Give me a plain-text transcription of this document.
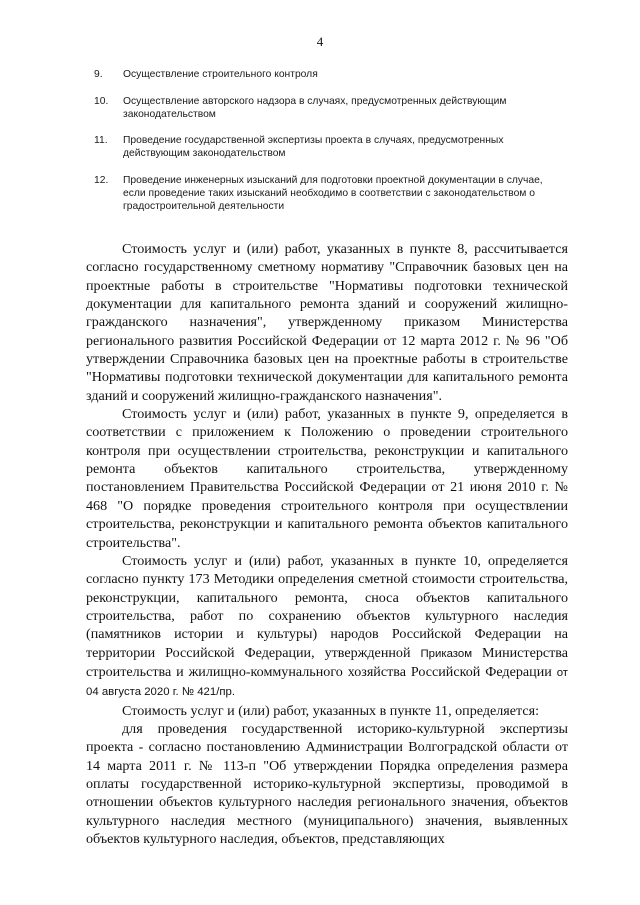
4
9.	Осуществление строительного контроля
10.	Осуществление авторского надзора в случаях, предусмотренных действующим законодательством
11.	Проведение государственной экспертизы проекта в случаях, предусмотренных действующим законодательством
12.	Проведение инженерных изысканий для подготовки проектной документации в случае, если проведение таких изысканий необходимо в соответствии с законодательством о градостроительной деятельности

Стоимость услуг и (или) работ, указанных в пункте 8, рассчитывается согласно государственному сметному нормативу "Справочник базовых цен на проектные работы в строительстве "Нормативы подготовки технической документации для капитального ремонта зданий и сооружений жилищно-гражданского назначения", утвержденному приказом Министерства регионального развития Российской Федерации от 12 марта 2012 г. № 96 "Об утверждении Справочника базовых цен на проектные работы в строительстве "Нормативы подготовки технической документации для капитального ремонта зданий и сооружений жилищно-гражданского назначения".

Стоимость услуг и (или) работ, указанных в пункте 9, определяется в соответствии с приложением к Положению о проведении строительного контроля при осуществлении строительства, реконструкции и капитального ремонта объектов капитального строительства, утвержденному постановлением Правительства Российской Федерации от 21 июня 2010 г. № 468 "О порядке проведения строительного контроля при осуществлении строительства, реконструкции и капитального ремонта объектов капитального строительства".

Стоимость услуг и (или) работ, указанных в пункте 10, определяется согласно пункту 173 Методики определения сметной стоимости строительства, реконструкции, капитального ремонта, сноса объектов капитального строительства, работ по сохранению объектов культурного наследия (памятников истории и культуры) народов Российской Федерации на территории Российской Федерации, утвержденной Приказом Министерства строительства и жилищно-коммунального хозяйства Российской Федерации от 04 августа 2020 г. № 421/пр.

Стоимость услуг и (или) работ, указанных в пункте 11, определяется:

для проведения государственной историко-культурной экспертизы проекта - согласно постановлению Администрации Волгоградской области от 14 марта 2011 г. № 113-п "Об утверждении Порядка определения размера оплаты государственной историко-культурной экспертизы, проводимой в отношении объектов культурного наследия регионального значения, объектов культурного наследия местного (муниципального) значения, выявленных объектов культурного наследия, объектов, представляющих
